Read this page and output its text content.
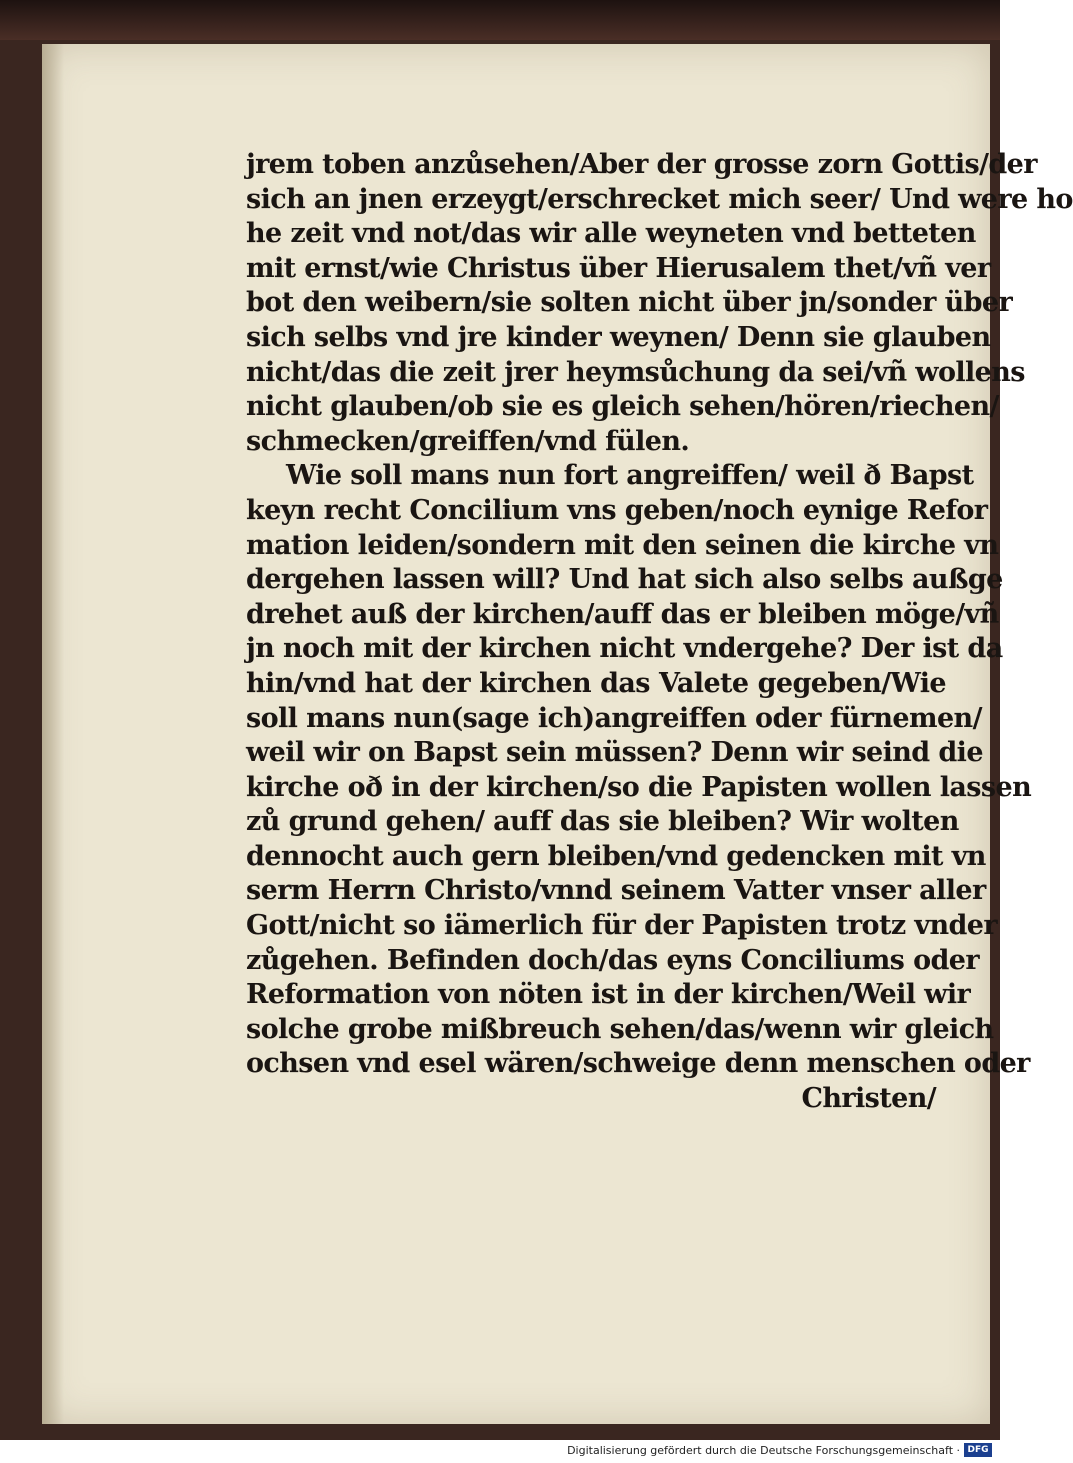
jrem toben anzůsehen/Aber der grosse zorn Gottis/der
sich an jnen erzeygt/erschrecket mich seer/ Und were ho
he zeit vnd not/das wir alle weyneten vnd betteten
mit ernst/wie Christus über Hierusalem thet/vñ ver
bot den weibern/sie solten nicht über jn/sonder über
sich selbs vnd jre kinder weynen/ Denn sie glauben
nicht/das die zeit jrer heymsůchung da sei/vñ wollens
nicht glauben/ob sie es gleich sehen/hören/riechen/
schmecken/greiffen/vnd fülen.
Wie soll mans nun fort angreiffen/ weil ð Bapst
keyn recht Concilium vns geben/noch eynige Refor
mation leiden/sondern mit den seinen die kirche vn
dergehen lassen will? Und hat sich also selbs außge
drehet auß der kirchen/auff das er bleiben möge/vñ
jn noch mit der kirchen nicht vndergehe? Der ist da
hin/vnd hat der kirchen das Valete gegeben/Wie
soll mans nun(sage ich)angreiffen oder fürnemen/
weil wir on Bapst sein müssen? Denn wir seind die
kirche oð in der kirchen/so die Papisten wollen lassen
zů grund gehen/ auff das sie bleiben? Wir wolten
dennocht auch gern bleiben/vnd gedencken mit vn
serm Herrn Christo/vnnd seinem Vatter vnser aller
Gott/nicht so iämerlich für der Papisten trotz vnder
zůgehen. Befinden doch/das eyns Conciliums oder
Reformation von nöten ist in der kirchen/Weil wir
solche grobe mißbreuch sehen/das/wenn wir gleich
ochsen vnd esel wären/schweige denn menschen oder
Christen/
Digitalisierung gefördert durch die Deutsche Forschungsgemeinschaft · DFG
